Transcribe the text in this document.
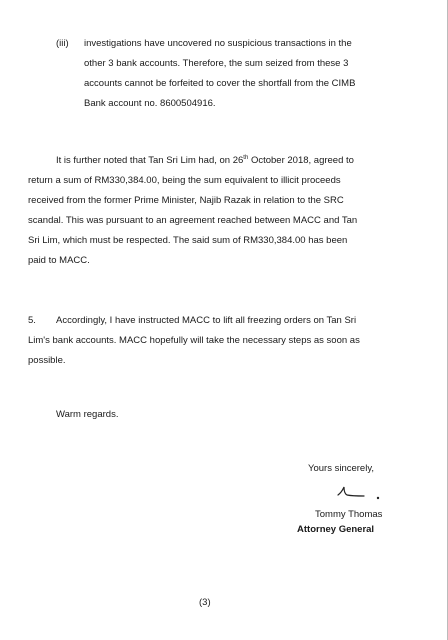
(iii) investigations have uncovered no suspicious transactions in the
other 3 bank accounts. Therefore, the sum seized from these 3
accounts cannot be forfeited to cover the shortfall from the CIMB
Bank account no. 8600504916.
It is further noted that Tan Sri Lim had, on 26th October 2018, agreed to
return a sum of RM330,384.00, being the sum equivalent to illicit proceeds
received from the former Prime Minister, Najib Razak in relation to the SRC
scandal. This was pursuant to an agreement reached between MACC and Tan
Sri Lim, which must be respected. The said sum of RM330,384.00 has been
paid to MACC.
5. Accordingly, I have instructed MACC to lift all freezing orders on Tan Sri
Lim's bank accounts. MACC hopefully will take the necessary steps as soon as
possible.
Warm regards.
Yours sincerely,
Tommy Thomas
Attorney General
(3)
